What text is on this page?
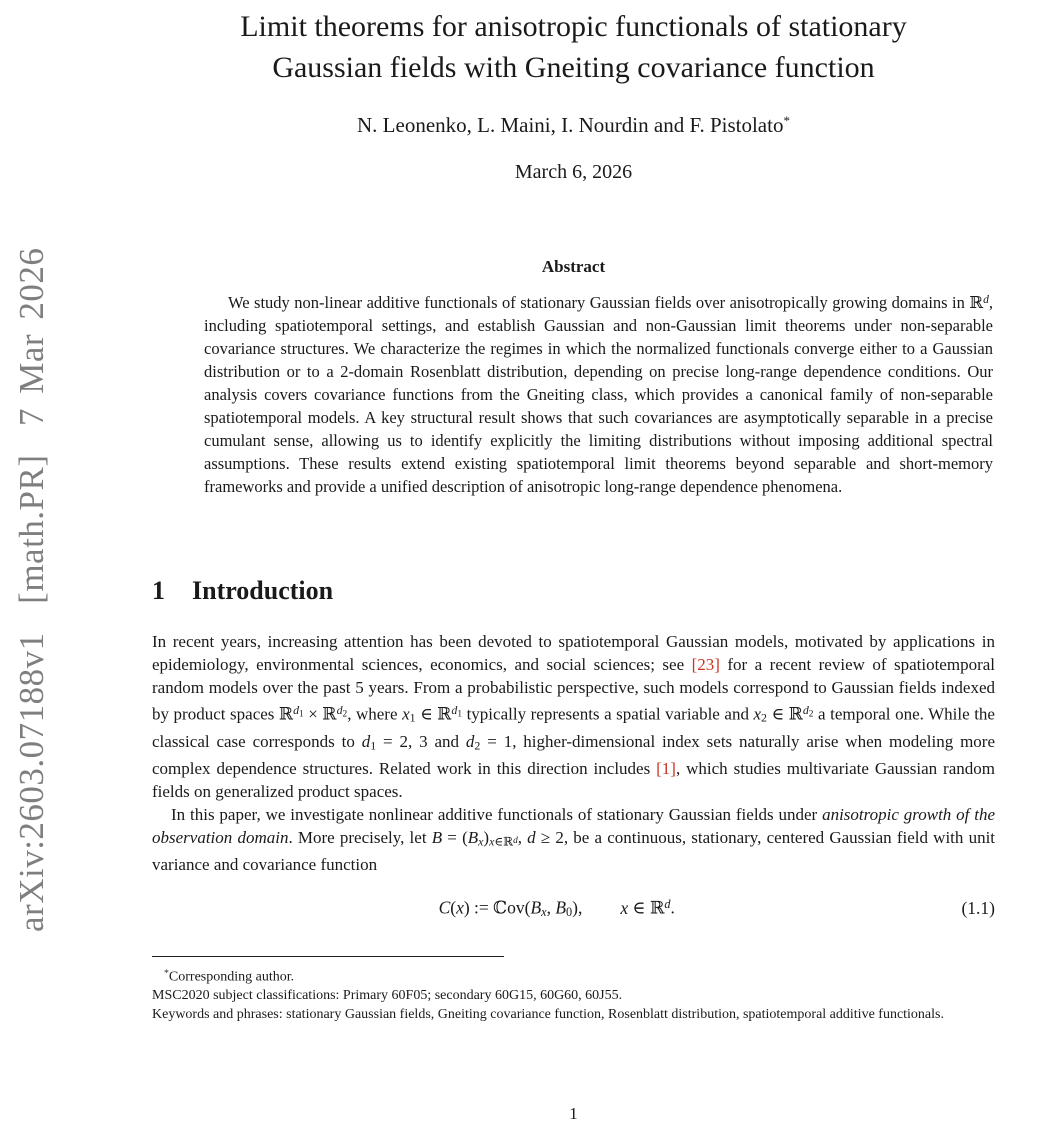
arXiv:2603.07188v1  [math.PR]  7 Mar 2026
Limit theorems for anisotropic functionals of stationary
Gaussian fields with Gneiting covariance function
N. Leonenko, L. Maini, I. Nourdin and F. Pistolato*
March 6, 2026
Abstract
We study non-linear additive functionals of stationary Gaussian fields over anisotropically growing domains in ℝ$^d$, including spatiotemporal settings, and establish Gaussian and non-Gaussian limit theorems under non-separable covariance structures. We characterize the regimes in which the normalized functionals converge either to a Gaussian distribution or to a 2-domain Rosenblatt distribution, depending on precise long-range dependence conditions. Our analysis covers covariance functions from the Gneiting class, which provides a canonical family of non-separable spatiotemporal models. A key structural result shows that such covariances are asymptotically separable in a precise cumulant sense, allowing us to identify explicitly the limiting distributions without imposing additional spectral assumptions. These results extend existing spatiotemporal limit theorems beyond separable and short-memory frameworks and provide a unified description of anisotropic long-range dependence phenomena.
1 Introduction

In recent years, increasing attention has been devoted to spatiotemporal Gaussian models, motivated by applications in epidemiology, environmental sciences, economics, and social sciences; see [23] for a recent review of spatiotemporal random models over the past 5 years. From a probabilistic perspective, such models correspond to Gaussian fields indexed by product spaces ℝ$^d$1 × ℝ$^d$2, where x1 ∈ ℝ$^d$1 typically represents a spatial variable and x2 ∈ ℝ$^d$2 a temporal one. While the classical case corresponds to d1 = 2, 3 and d2 = 1, higher-dimensional index sets naturally arise when modeling more complex dependence structures. Related work in this direction includes [1], which studies multivariate Gaussian random fields on generalized product spaces.

In this paper, we investigate nonlinear additive functionals of stationary Gaussian fields under anisotropic growth of the observation domain. More precisely, let B = (Bx)x∈ℝd, d ≥ 2, be a continuous, stationary, centered Gaussian field with unit variance and covariance function

C(x) := ℂov(Bx, B0), x ∈ ℝ$^d$.	(1.1)

*Corresponding author.

MSC2020 subject classifications: Primary 60F05; secondary 60G15, 60G60, 60J55.

Keywords and phrases: stationary Gaussian fields, Gneiting covariance function, Rosenblatt distribution, spatiotemporal additive functionals.

1
